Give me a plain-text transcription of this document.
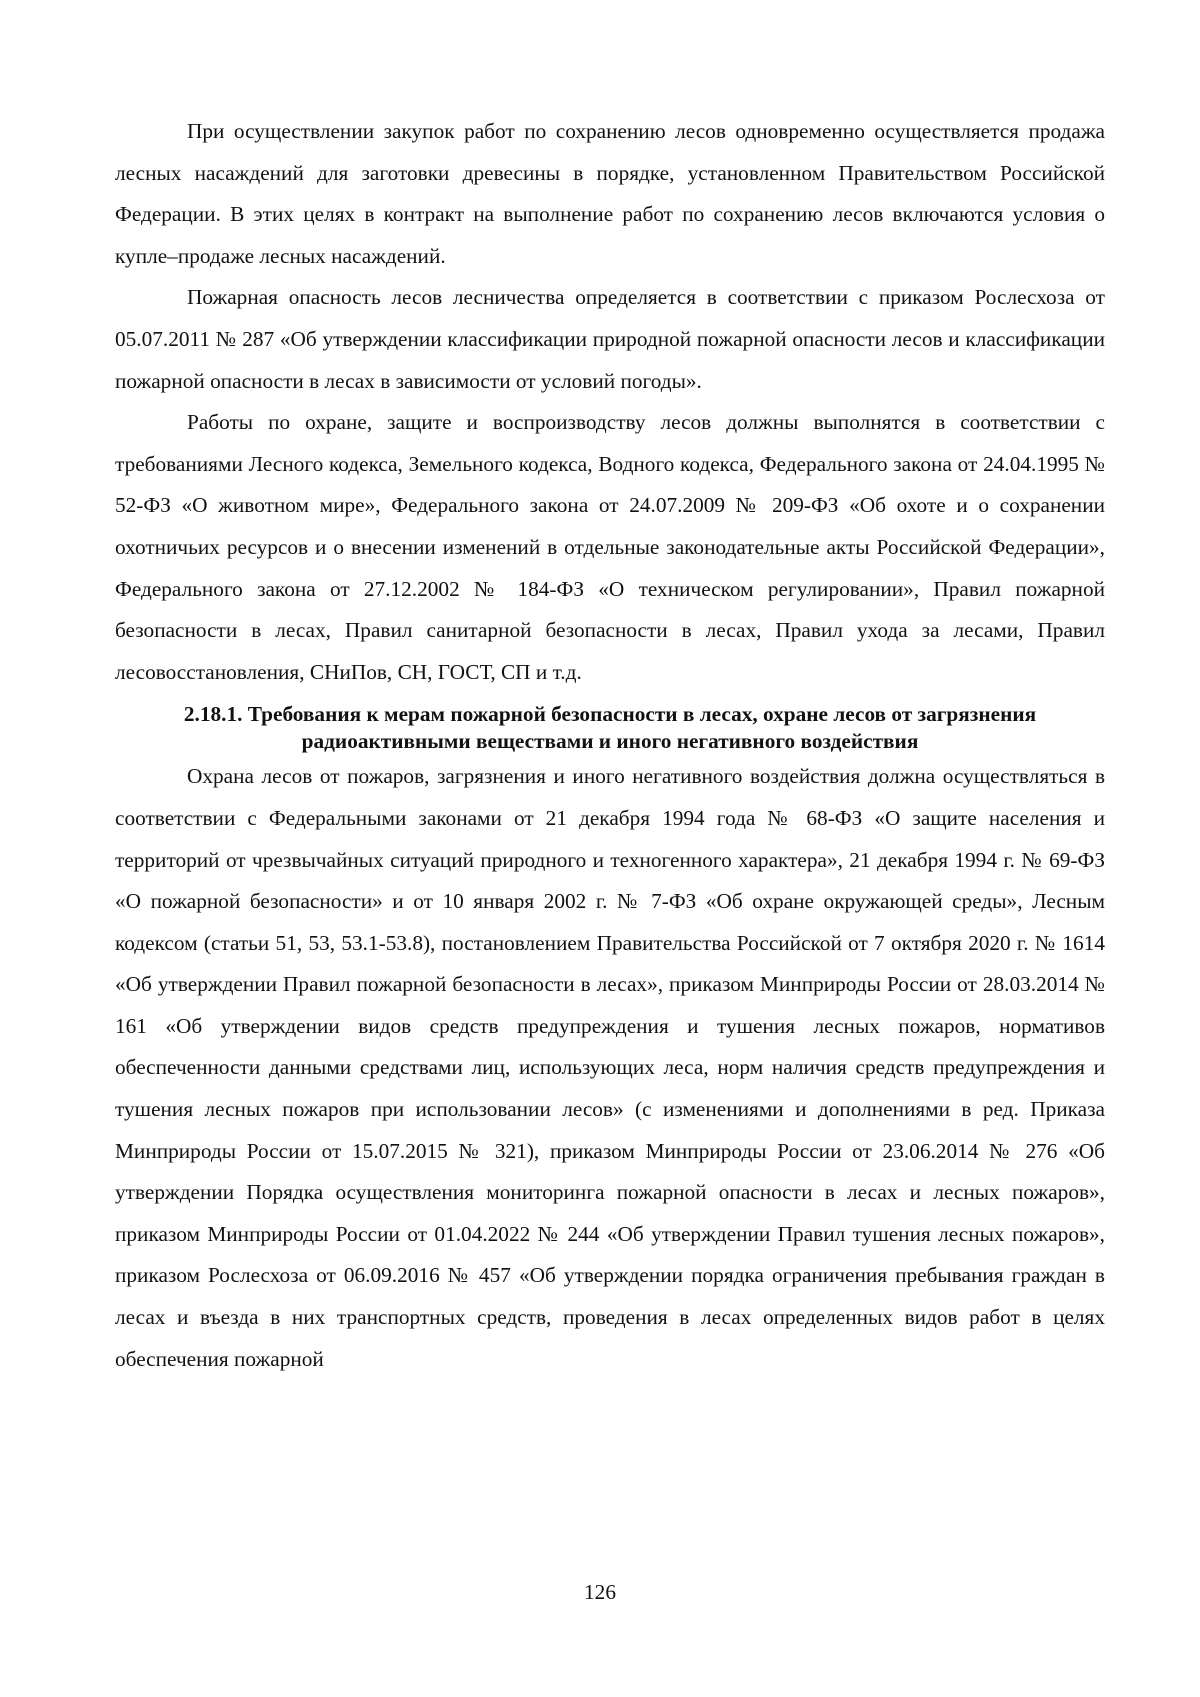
При осуществлении закупок работ по сохранению лесов одновременно осуществляется продажа лесных насаждений для заготовки древесины в порядке, установленном Правительством Российской Федерации. В этих целях в контракт на выполнение работ по сохранению лесов включаются условия о купле–продаже лесных насаждений.

Пожарная опасность лесов лесничества определяется в соответствии с приказом Рослесхоза от 05.07.2011 № 287 «Об утверждении классификации природной пожарной опасности лесов и классификации пожарной опасности в лесах в зависимости от условий погоды».

Работы по охране, защите и воспроизводству лесов должны выполнятся в соответствии с требованиями Лесного кодекса, Земельного кодекса, Водного кодекса, Федерального закона от 24.04.1995 № 52-ФЗ «О животном мире», Федерального закона от 24.07.2009 № 209-ФЗ «Об охоте и о сохранении охотничьих ресурсов и о внесении изменений в отдельные законодательные акты Российской Федерации», Федерального закона от 27.12.2002 № 184-ФЗ «О техническом регулировании», Правил пожарной безопасности в лесах, Правил санитарной безопасности в лесах, Правил ухода за лесами, Правил лесовосстановления, СНиПов, СН, ГОСТ, СП и т.д.

2.18.1. Требования к мерам пожарной безопасности в лесах, охране лесов от загрязнения радиоактивными веществами и иного негативного воздействия

Охрана лесов от пожаров, загрязнения и иного негативного воздействия должна осуществляться в соответствии с Федеральными законами от 21 декабря 1994 года № 68-ФЗ «О защите населения и территорий от чрезвычайных ситуаций природного и техногенного характера», 21 декабря 1994 г. № 69-ФЗ «О пожарной безопасности» и от 10 января 2002 г. № 7-ФЗ «Об охране окружающей среды», Лесным кодексом (статьи 51, 53, 53.1-53.8), постановлением Правительства Российской от 7 октября 2020 г. № 1614 «Об утверждении Правил пожарной безопасности в лесах», приказом Минприроды России от 28.03.2014 № 161 «Об утверждении видов средств предупреждения и тушения лесных пожаров, нормативов обеспеченности данными средствами лиц, использующих леса, норм наличия средств предупреждения и тушения лесных пожаров при использовании лесов» (с изменениями и дополнениями в ред. Приказа Минприроды России от 15.07.2015 № 321), приказом Минприроды России от 23.06.2014 № 276 «Об утверждении Порядка осуществления мониторинга пожарной опасности в лесах и лесных пожаров», приказом Минприроды России от 01.04.2022 № 244 «Об утверждении Правил тушения лесных пожаров», приказом Рослесхоза от 06.09.2016 № 457 «Об утверждении порядка ограничения пребывания граждан в лесах и въезда в них транспортных средств, проведения в лесах определенных видов работ в целях обеспечения пожарной

126
